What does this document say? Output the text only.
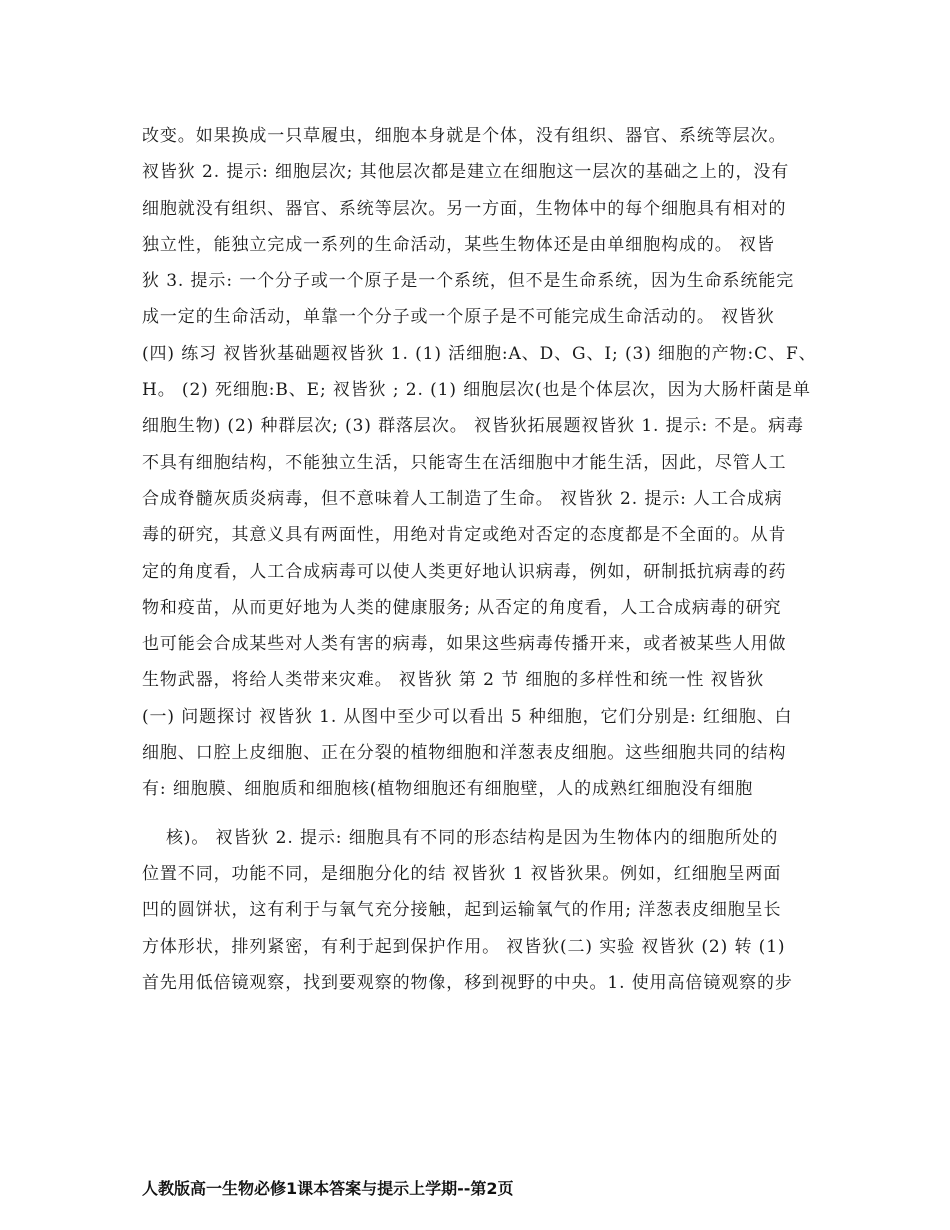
改变。如果换成一只草履虫，细胞本身就是个体，没有组织、器官、系统等层次。
衩皆狄 2. 提示: 细胞层次; 其他层次都是建立在细胞这一层次的基础之上的，没有
细胞就没有组织、器官、系统等层次。另一方面，生物体中的每个细胞具有相对的
独立性，能独立完成一系列的生命活动，某些生物体还是由单细胞构成的。 衩皆
狄 3. 提示: 一个分子或一个原子是一个系统，但不是生命系统，因为生命系统能完
成一定的生命活动，单靠一个分子或一个原子是不可能完成生命活动的。 衩皆狄
(四) 练习 衩皆狄基础题衩皆狄 1. (1) 活细胞:A、D、G、I; (3) 细胞的产物:C、F、
H。 (2) 死细胞:B、E; 衩皆狄 ; 2. (1) 细胞层次(也是个体层次，因为大肠杆菌是单
细胞生物) (2) 种群层次; (3) 群落层次。 衩皆狄拓展题衩皆狄 1. 提示: 不是。病毒
不具有细胞结构，不能独立生活，只能寄生在活细胞中才能生活，因此，尽管人工
合成脊髓灰质炎病毒，但不意味着人工制造了生命。 衩皆狄 2. 提示: 人工合成病
毒的研究，其意义具有两面性，用绝对肯定或绝对否定的态度都是不全面的。从肯
定的角度看，人工合成病毒可以使人类更好地认识病毒，例如，研制抵抗病毒的药
物和疫苗，从而更好地为人类的健康服务; 从否定的角度看，人工合成病毒的研究
也可能会合成某些对人类有害的病毒，如果这些病毒传播开来，或者被某些人用做
生物武器，将给人类带来灾难。 衩皆狄 第 2 节 细胞的多样性和统一性 衩皆狄
(一) 问题探讨 衩皆狄 1. 从图中至少可以看出 5 种细胞，它们分别是: 红细胞、白
细胞、口腔上皮细胞、正在分裂的植物细胞和洋葱表皮细胞。这些细胞共同的结构
有: 细胞膜、细胞质和细胞核(植物细胞还有细胞壁，人的成熟红细胞没有细胞
核)。 衩皆狄 2. 提示: 细胞具有不同的形态结构是因为生物体内的细胞所处的
位置不同，功能不同，是细胞分化的结 衩皆狄 1 衩皆狄果。例如，红细胞呈两面
凹的圆饼状，这有利于与氧气充分接触，起到运输氧气的作用; 洋葱表皮细胞呈长
方体形状，排列紧密，有利于起到保护作用。 衩皆狄(二) 实验 衩皆狄 (2) 转 (1)
首先用低倍镜观察，找到要观察的物像，移到视野的中央。1. 使用高倍镜观察的步
人教版高一生物必修1课本答案与提示上学期--第2页
